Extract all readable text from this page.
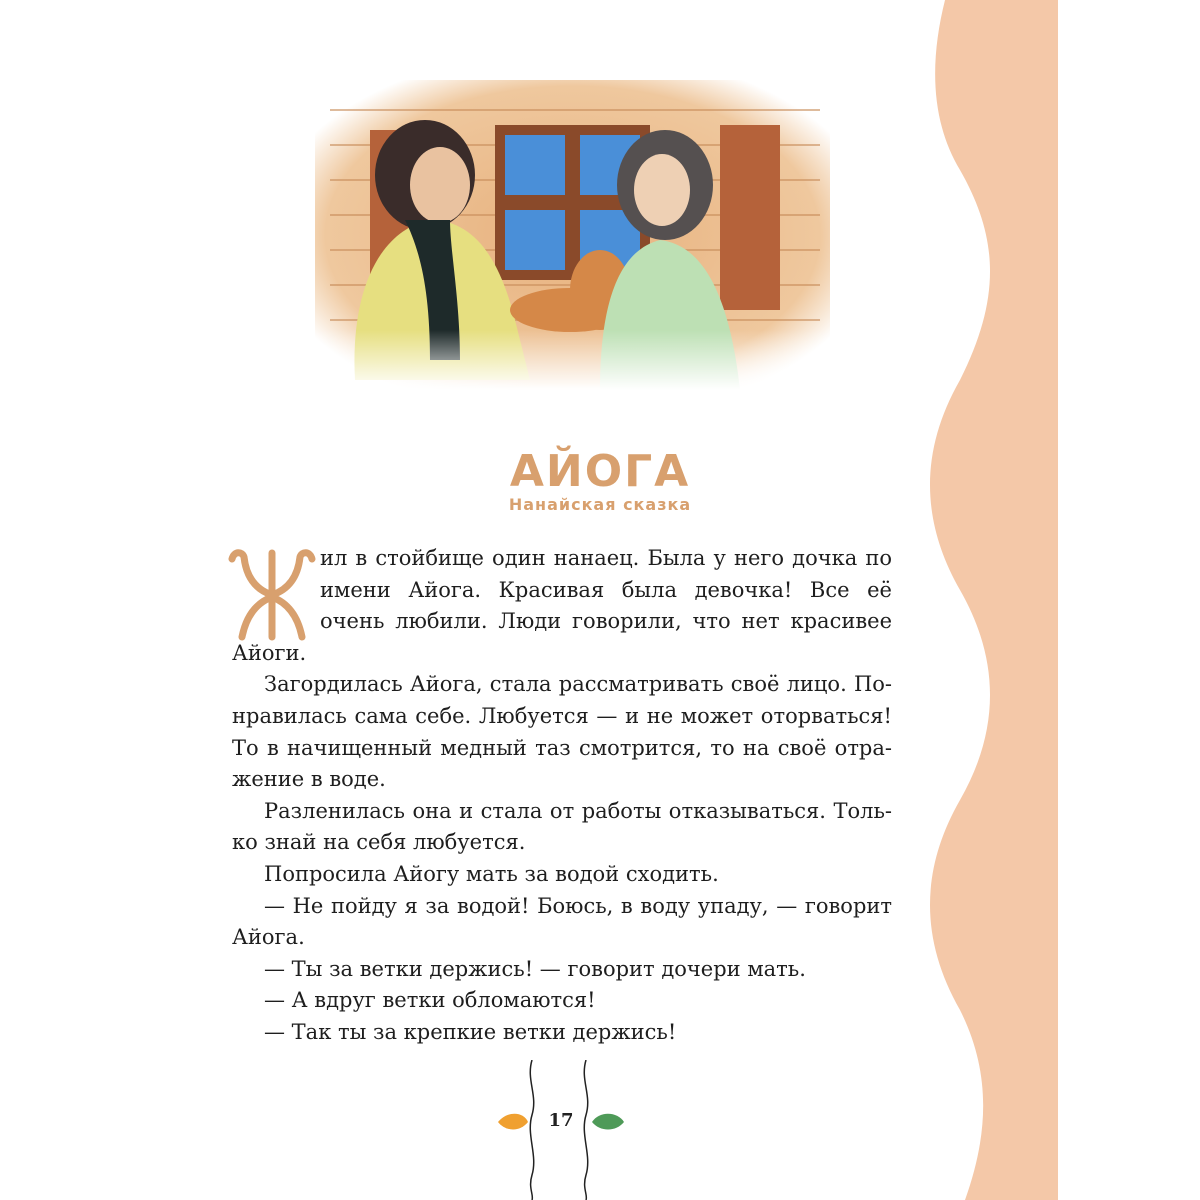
АЙОГА
Нанайская сказка
ил в стойбище один нанаец. Была у него дочка по
имени Айога. Красивая была девочка! Все её
очень любили. Люди говорили, что нет красивее
Айоги.
Загордилась Айога, стала рассматривать своё лицо. По-
нравилась сама себе. Любуется — и не может оторваться!
То в начищенный медный таз смотрится, то на своё отра-
жение в воде.
Разленилась она и стала от работы отказываться. Толь-
ко знай на себя любуется.
Попросила Айогу мать за водой сходить.
— Не пойду я за водой! Боюсь, в воду упаду, — говорит
Айога.
— Ты за ветки держись! — говорит дочери мать.
— А вдруг ветки обломаются!
— Так ты за крепкие ветки держись!
17
